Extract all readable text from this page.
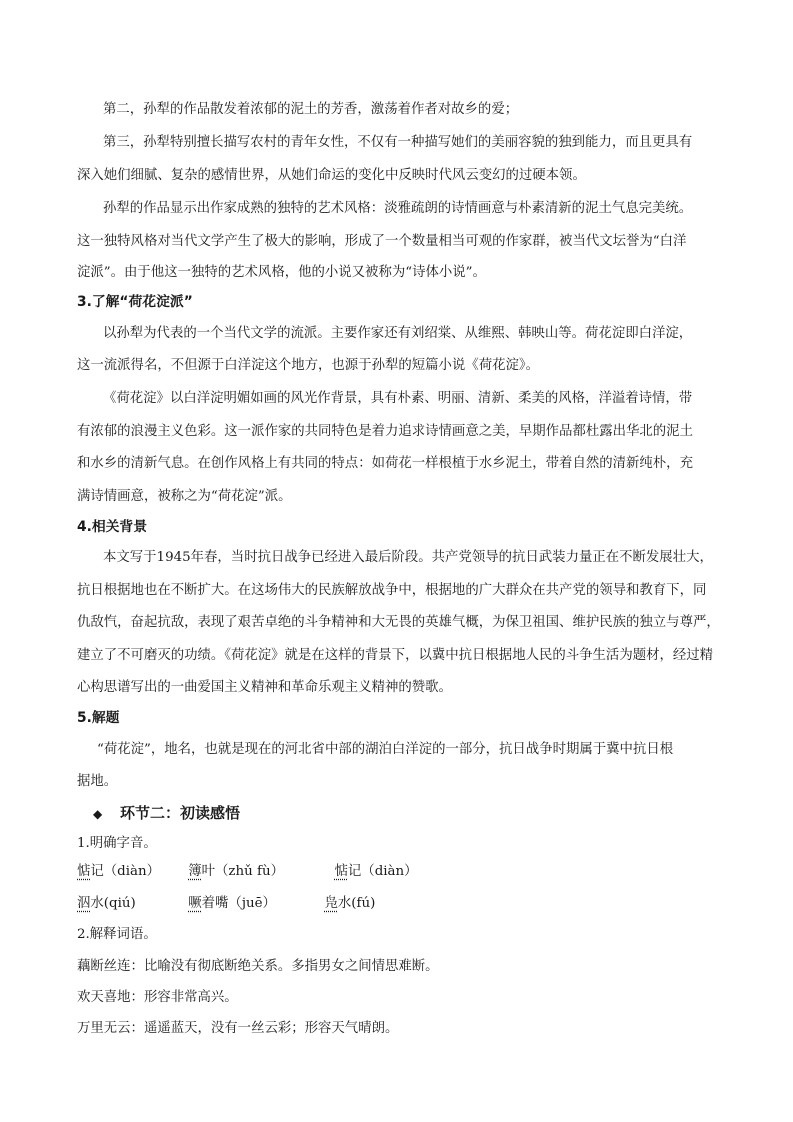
第二，孙犁的作品散发着浓郁的泥土的芳香，激荡着作者对故乡的爱；
第三，孙犁特别擅长描写农村的青年女性，不仅有一种描写她们的美丽容貌的独到能力，而且更具有
深入她们细腻、复杂的感情世界，从她们命运的变化中反映时代风云变幻的过硬本领。
孙犁的作品显示出作家成熟的独特的艺术风格：淡雅疏朗的诗情画意与朴素清新的泥土气息完美统。
这一独特风格对当代文学产生了极大的影响，形成了一个数量相当可观的作家群，被当代文坛誉为“白洋
淀派”。由于他这一独特的艺术风格，他的小说又被称为“诗体小说”。
3.了解“荷花淀派”
以孙犁为代表的一个当代文学的流派。主要作家还有刘绍棠、从维熙、韩映山等。荷花淀即白洋淀，
这一流派得名，不但源于白洋淀这个地方，也源于孙犁的短篇小说《荷花淀》。
《荷花淀》以白洋淀明媚如画的风光作背景，具有朴素、明丽、清新、柔美的风格，洋溢着诗情，带
有浓郁的浪漫主义色彩。这一派作家的共同特色是着力追求诗情画意之美，早期作品都杜露出华北的泥土
和水乡的清新气息。在创作风格上有共同的特点：如荷花一样根植于水乡泥土，带着自然的清新纯朴，充
满诗情画意，被称之为“荷花淀”派。
4.相关背景
本文写于1945年春，当时抗日战争已经进入最后阶段。共产党领导的抗日武装力量正在不断发展壮大，
抗日根据地也在不断扩大。在这场伟大的民族解放战争中，根据地的广大群众在共产党的领导和教育下，同
仇敌忾，奋起抗敌，表现了艰苦卓绝的斗争精神和大无畏的英雄气概，为保卫祖国、维护民族的独立与尊严，
建立了不可磨灭的功绩。《荷花淀》就是在这样的背景下，以冀中抗日根据地人民的斗争生活为题材，经过精
心构思谱写出的一曲爱国主义精神和革命乐观主义精神的赞歌。
5.解题
“荷花淀”，地名，也就是现在的河北省中部的湖泊白洋淀的一部分，抗日战争时期属于冀中抗日根
据地。
◆ 环节二：初读感悟
1.明确字音。
惦记（diàn） 簿叶（zhǔ fù）	惦记（diàn）
泅水(qiú)	噘着嘴（juē）	凫水(fú)
2.解释词语。
藕断丝连：比喻没有彻底断绝关系。多指男女之间情思难断。
欢天喜地：形容非常高兴。
万里无云：遥遥蓝天，没有一丝云彩；形容天气晴朗。
